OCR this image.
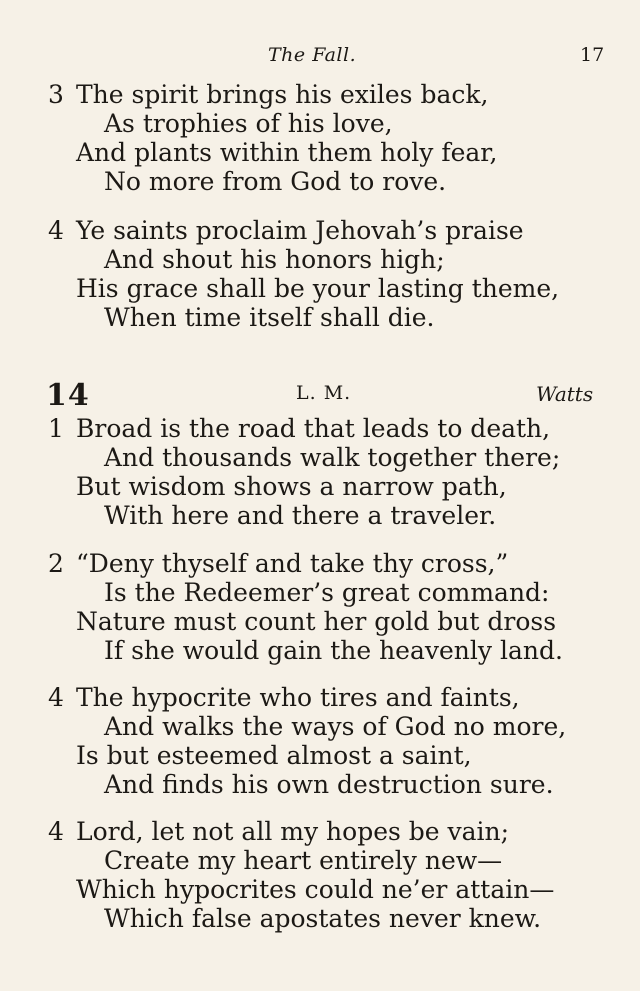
The Fall.	17
3 The spirit brings his exiles back,
As trophies of his love,
And plants within them holy fear,
No more from God to rove.
4 Ye saints proclaim Jehovah’s praise
And shout his honors high;
His grace shall be your lasting theme,
When time itself shall die.
14	L. M.	Watts
1 Broad is the road that leads to death,
And thousands walk together there;
But wisdom shows a narrow path,
With here and there a traveler.
2 “Deny thyself and take thy cross,”
Is the Redeemer’s great command:
Nature must count her gold but dross
If she would gain the heavenly land.
4 The hypocrite who tires and faints,
And walks the ways of God no more,
Is but esteemed almost a saint,
And finds his own destruction sure.
4 Lord, let not all my hopes be vain;
Create my heart entirely new—
Which hypocrites could ne’er attain—
Which false apostates never knew.
